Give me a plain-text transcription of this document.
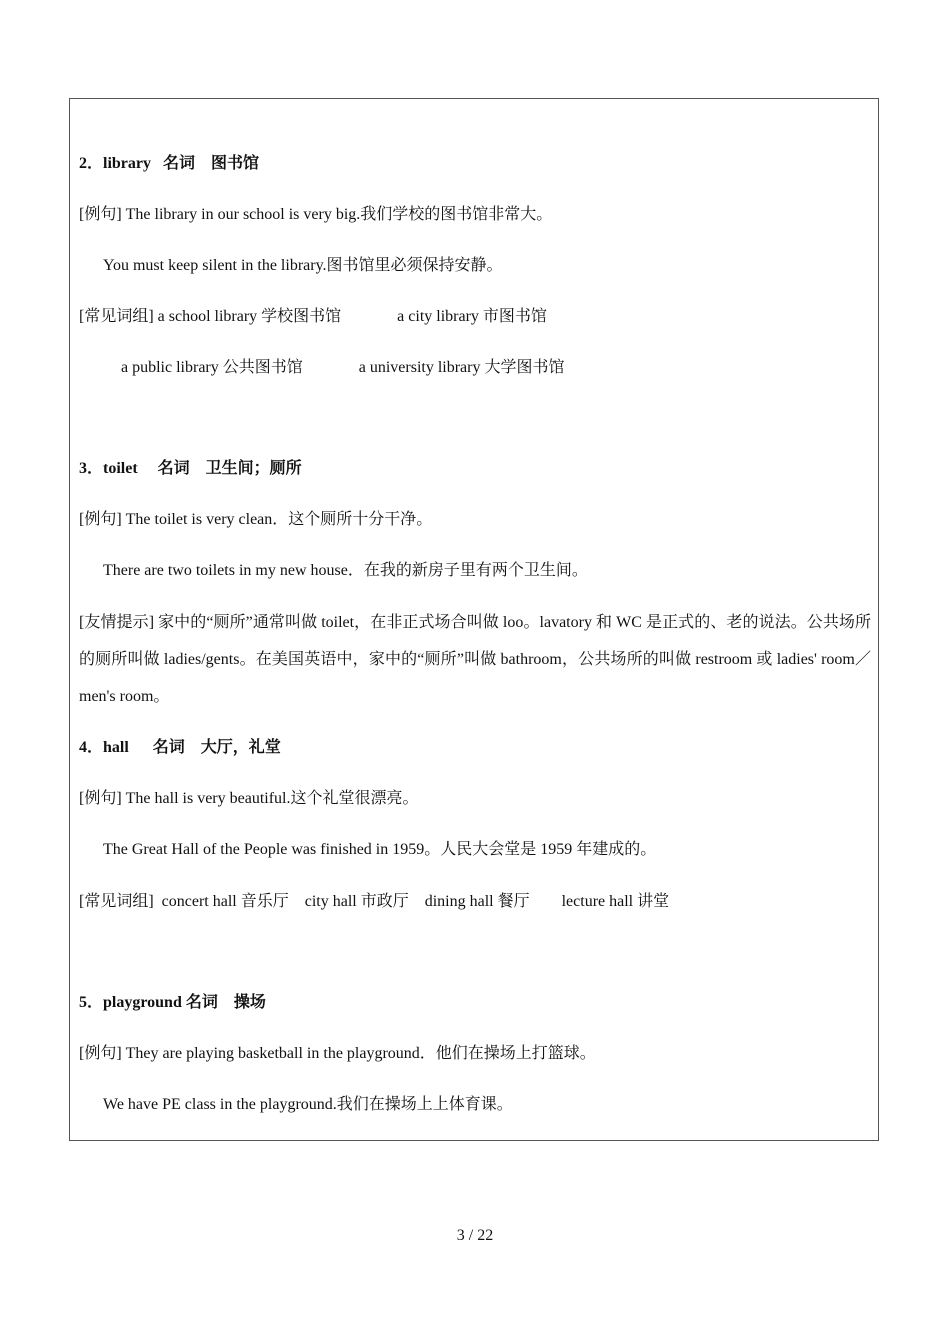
2．library   名词    图书馆
[例句] The library in our school is very big.我们学校的图书馆非常大。
You must keep silent in the library.图书馆里必须保持安静。
[常见词组] a school library 学校图书馆              a city library 市图书馆
a public library 公共图书馆              a university library 大学图书馆
3．toilet     名词    卫生间；厕所
[例句] The toilet is very clean．这个厕所十分干净。
There are two toilets in my new house．在我的新房子里有两个卫生间。
[友情提示] 家中的“厕所”通常叫做 toilet，在非正式场合叫做 loo。lavatory 和 WC 是正式的、老的说法。公共场所的厕所叫做 ladies/gents。在美国英语中，家中的“厕所”叫做 bathroom，公共场所的叫做 restroom 或 ladies' room／men's room。
4．hall      名词    大厅，礼堂
[例句] The hall is very beautiful.这个礼堂很漂亮。
The Great Hall of the People was finished in 1959。人民大会堂是 1959 年建成的。
[常见词组]  concert hall 音乐厅    city hall 市政厅    dining hall 餐厅        lecture hall 讲堂
5．playground 名词    操场
[例句] They are playing basketball in the playground．他们在操场上打篮球。
We have PE class in the playground.我们在操场上上体育课。
3 / 22
